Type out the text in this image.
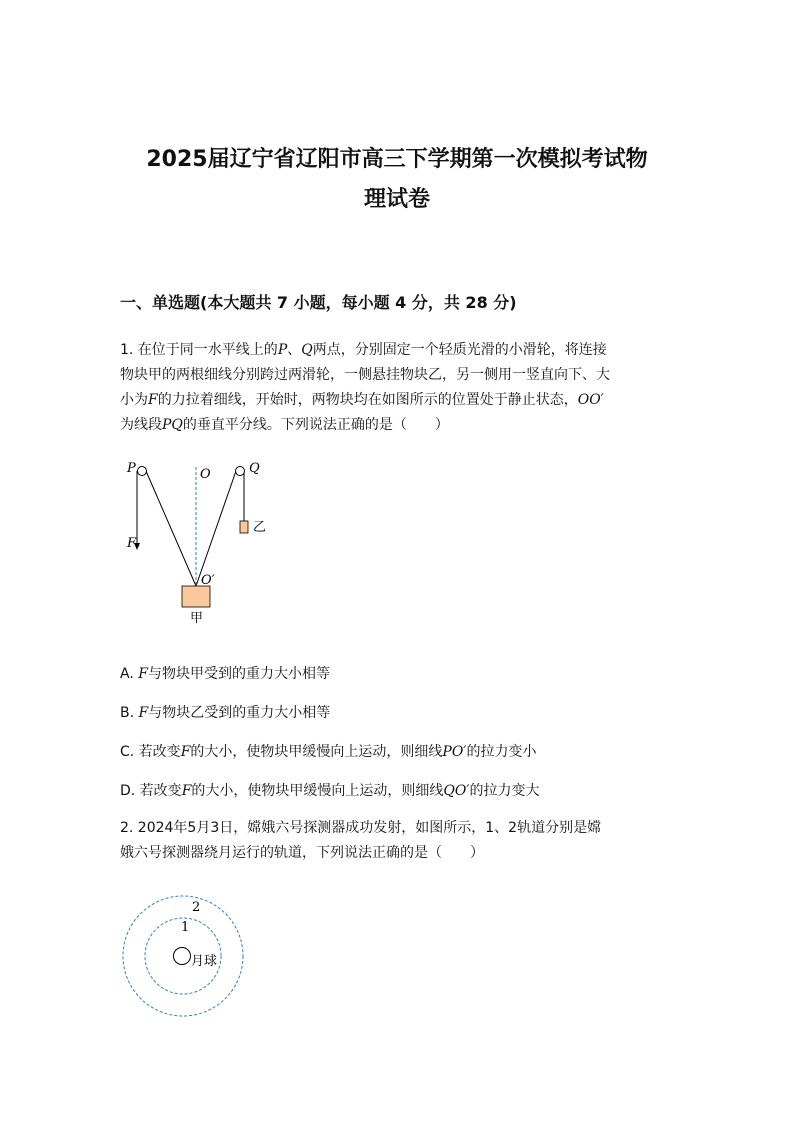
2025届辽宁省辽阳市高三下学期第一次模拟考试物
理试卷
一、单选题(本大题共 7 小题，每小题 4 分，共 28 分)
1. 在位于同一水平线上的P、Q两点，分别固定一个轻质光滑的小滑轮，将连接
物块甲的两根细线分别跨过两滑轮，一侧悬挂物块乙，另一侧用一竖直向下、大
小为F的力拉着细线，开始时，两物块均在如图所示的位置处于静止状态，OO′
为线段PQ的垂直平分线。下列说法正确的是（　　）
P	O	Q
F
O′
乙
甲
A. F与物块甲受到的重力大小相等
B. F与物块乙受到的重力大小相等
C. 若改变F的大小，使物块甲缓慢向上运动，则细线PO′的拉力变小
D. 若改变F的大小，使物块甲缓慢向上运动，则细线QO′的拉力变大
2. 2024年5月3日，嫦娥六号探测器成功发射，如图所示，1、2轨道分别是嫦
娥六号探测器绕月运行的轨道，下列说法正确的是（　　）
2
1
月球
